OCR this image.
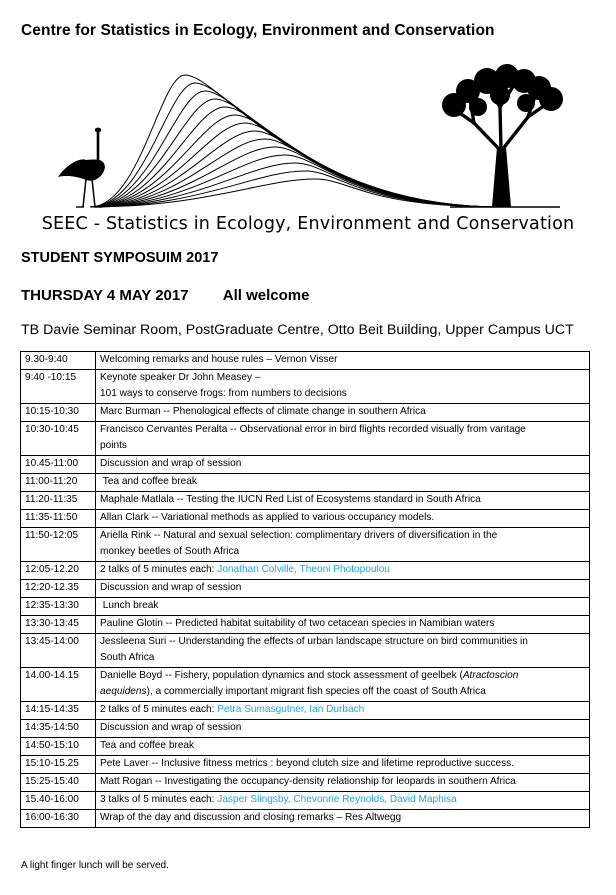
Centre for Statistics in Ecology, Environment and Conservation
SEEC - Statistics in Ecology, Environment and Conservation
STUDENT SYMPOSUIM 2017
THURSDAY 4 MAY 2017 All welcome
TB Davie Seminar Room, PostGraduate Centre, Otto Beit Building, Upper Campus UCT
9.30-9:40	Welcoming remarks and house rules – Vernon Visser

9:40 -10:15	Keynote speaker Dr John Measey –
101 ways to conserve frogs: from numbers to decisions

10:15-10:30	Marc Burman -- Phenological effects of climate change in southern Africa

10:30-10:45	Francisco Cervantes Peralta -- Observational error in bird flights recorded visually from vantage
points

10.45-11:00	Discussion and wrap of session

11:00-11:20	Tea and coffee break

11:20-11:35	Maphale Matlala -- Testing the IUCN Red List of Ecosystems standard in South Africa

11:35-11:50	Allan Clark -- Variational methods as applied to various occupancy models.

11:50-12:05	Ariella Rink -- Natural and sexual selection: complimentary drivers of diversification in the
monkey beetles of South Africa

12:05-12.20	2 talks of 5 minutes each: Jonathan Colville, Theoni Photopoulou

12:20-12.35	Discussion and wrap of session

12:35-13:30	Lunch break

13:30-13:45	Pauline Glotin -- Predicted habitat suitability of two cetacean species in Namibian waters

13:45-14:00	Jessleena Suri -- Understanding the effects of urban landscape structure on bird communities in
South Africa

14.00-14.15	Danielle Boyd -- Fishery, population dynamics and stock assessment of geelbek (Atractoscion
aequidens), a commercially important migrant fish species off the coast of South Africa

14:15-14:35	2 talks of 5 minutes each: Petra Sumasgutner, Ian Durbach

14:35-14:50	Discussion and wrap of session

14:50-15:10	Tea and coffee break

15:10-15.25	Pete Laver -- Inclusive fitness metrics : beyond clutch size and lifetime reproductive success.

15:25-15:40	Matt Rogan -- Investigating the occupancy-density relationship for leopards in southern Africa

15.40-16:00	3 talks of 5 minutes each: Jasper Slingsby, Chevonne Reynolds, David Maphisa

16:00-16:30	Wrap of the day and discussion and closing remarks – Res Altwegg
A light finger lunch will be served.
